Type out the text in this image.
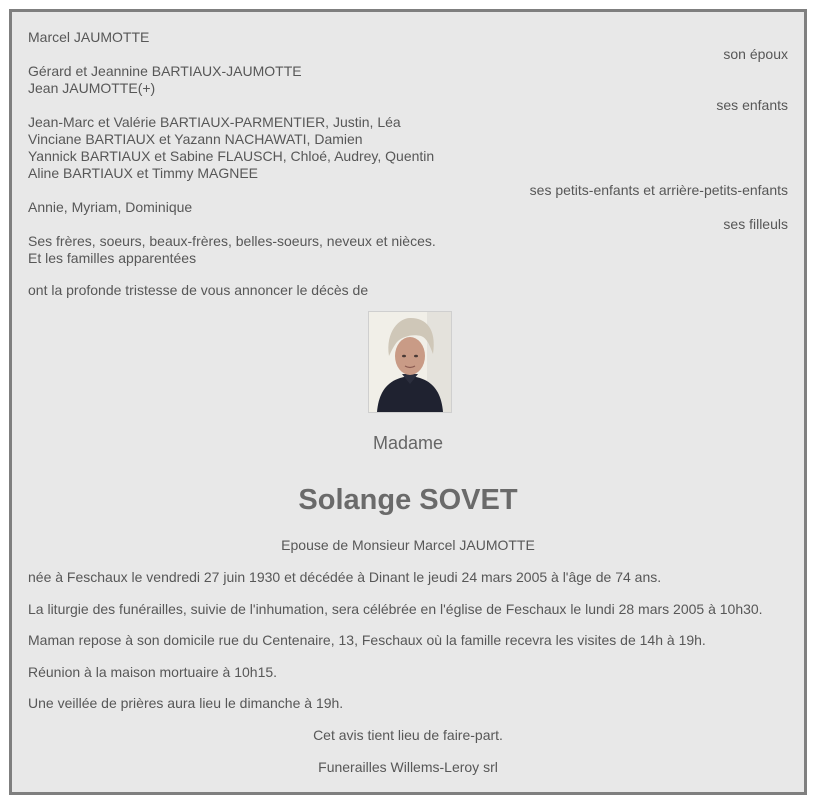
Marcel JAUMOTTE
son époux
Gérard et Jeannine BARTIAUX-JAUMOTTE
Jean JAUMOTTE(+)
ses enfants
Jean-Marc et Valérie BARTIAUX-PARMENTIER, Justin, Léa
Vinciane BARTIAUX et Yazann NACHAWATI, Damien
Yannick BARTIAUX et Sabine FLAUSCH, Chloé, Audrey, Quentin
Aline BARTIAUX et Timmy MAGNEE
ses petits-enfants et arrière-petits-enfants
Annie, Myriam, Dominique
ses filleuls
Ses frères, soeurs, beaux-frères, belles-soeurs, neveux et nièces.
Et les familles apparentées
ont la profonde tristesse de vous annoncer le décès de
Madame
Solange SOVET
Epouse de Monsieur Marcel JAUMOTTE
née à Feschaux le vendredi 27 juin 1930 et décédée à Dinant le jeudi 24 mars 2005 à l'âge de 74 ans.
La liturgie des funérailles, suivie de l'inhumation, sera célébrée en l'église de Feschaux le lundi 28 mars 2005 à 10h30.
Maman repose à son domicile rue du Centenaire, 13, Feschaux où la famille recevra les visites de 14h à 19h.
Réunion à la maison mortuaire à 10h15.
Une veillée de prières aura lieu le dimanche à 19h.
Cet avis tient lieu de faire-part.
Funerailles Willems-Leroy srl
